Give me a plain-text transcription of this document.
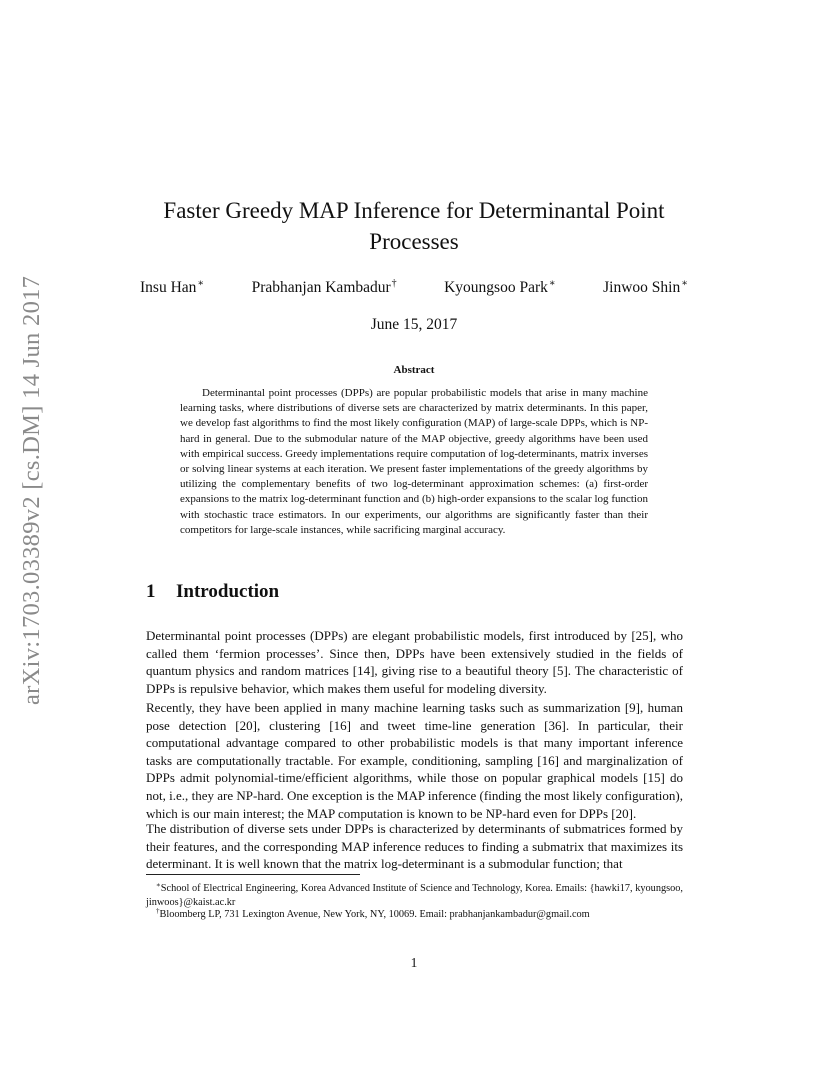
arXiv:1703.03389v2 [cs.DM] 14 Jun 2017
Faster Greedy MAP Inference for Determinantal Point Processes
Insu Han∗	Prabhanjan Kambadur†	Kyoungsoo Park∗	Jinwoo Shin∗
June 15, 2017
Abstract
Determinantal point processes (DPPs) are popular probabilistic models that arise in many machine learning tasks, where distributions of diverse sets are characterized by matrix determinants. In this paper, we develop fast algorithms to find the most likely configuration (MAP) of large-scale DPPs, which is NP-hard in general. Due to the submodular nature of the MAP objective, greedy algorithms have been used with empirical success. Greedy implementations require computation of log-determinants, matrix inverses or solving linear systems at each iteration. We present faster implementations of the greedy algorithms by utilizing the complementary benefits of two log-determinant approximation schemes: (a) first-order expansions to the matrix log-determinant function and (b) high-order expansions to the scalar log function with stochastic trace estimators. In our experiments, our algorithms are significantly faster than their competitors for large-scale instances, while sacrificing marginal accuracy.
1 Introduction
Determinantal point processes (DPPs) are elegant probabilistic models, first introduced by [25], who called them ‘fermion processes’. Since then, DPPs have been extensively studied in the fields of quantum physics and random matrices [14], giving rise to a beautiful theory [5]. The characteristic of DPPs is repulsive behavior, which makes them useful for modeling diversity.
Recently, they have been applied in many machine learning tasks such as summarization [9], human pose detection [20], clustering [16] and tweet time-line generation [36]. In particular, their computational advantage compared to other probabilistic models is that many important inference tasks are computationally tractable. For example, conditioning, sampling [16] and marginalization of DPPs admit polynomial-time/efficient algorithms, while those on popular graphical models [15] do not, i.e., they are NP-hard. One exception is the MAP inference (finding the most likely configuration), which is our main interest; the MAP computation is known to be NP-hard even for DPPs [20].
The distribution of diverse sets under DPPs is characterized by determinants of submatrices formed by their features, and the corresponding MAP inference reduces to finding a submatrix that maximizes its determinant. It is well known that the matrix log-determinant is a submodular function; that
∗School of Electrical Engineering, Korea Advanced Institute of Science and Technology, Korea. Emails: {hawki17, kyoungsoo, jinwoos}@kaist.ac.kr
†Bloomberg LP, 731 Lexington Avenue, New York, NY, 10069. Email: prabhanjankambadur@gmail.com
1
